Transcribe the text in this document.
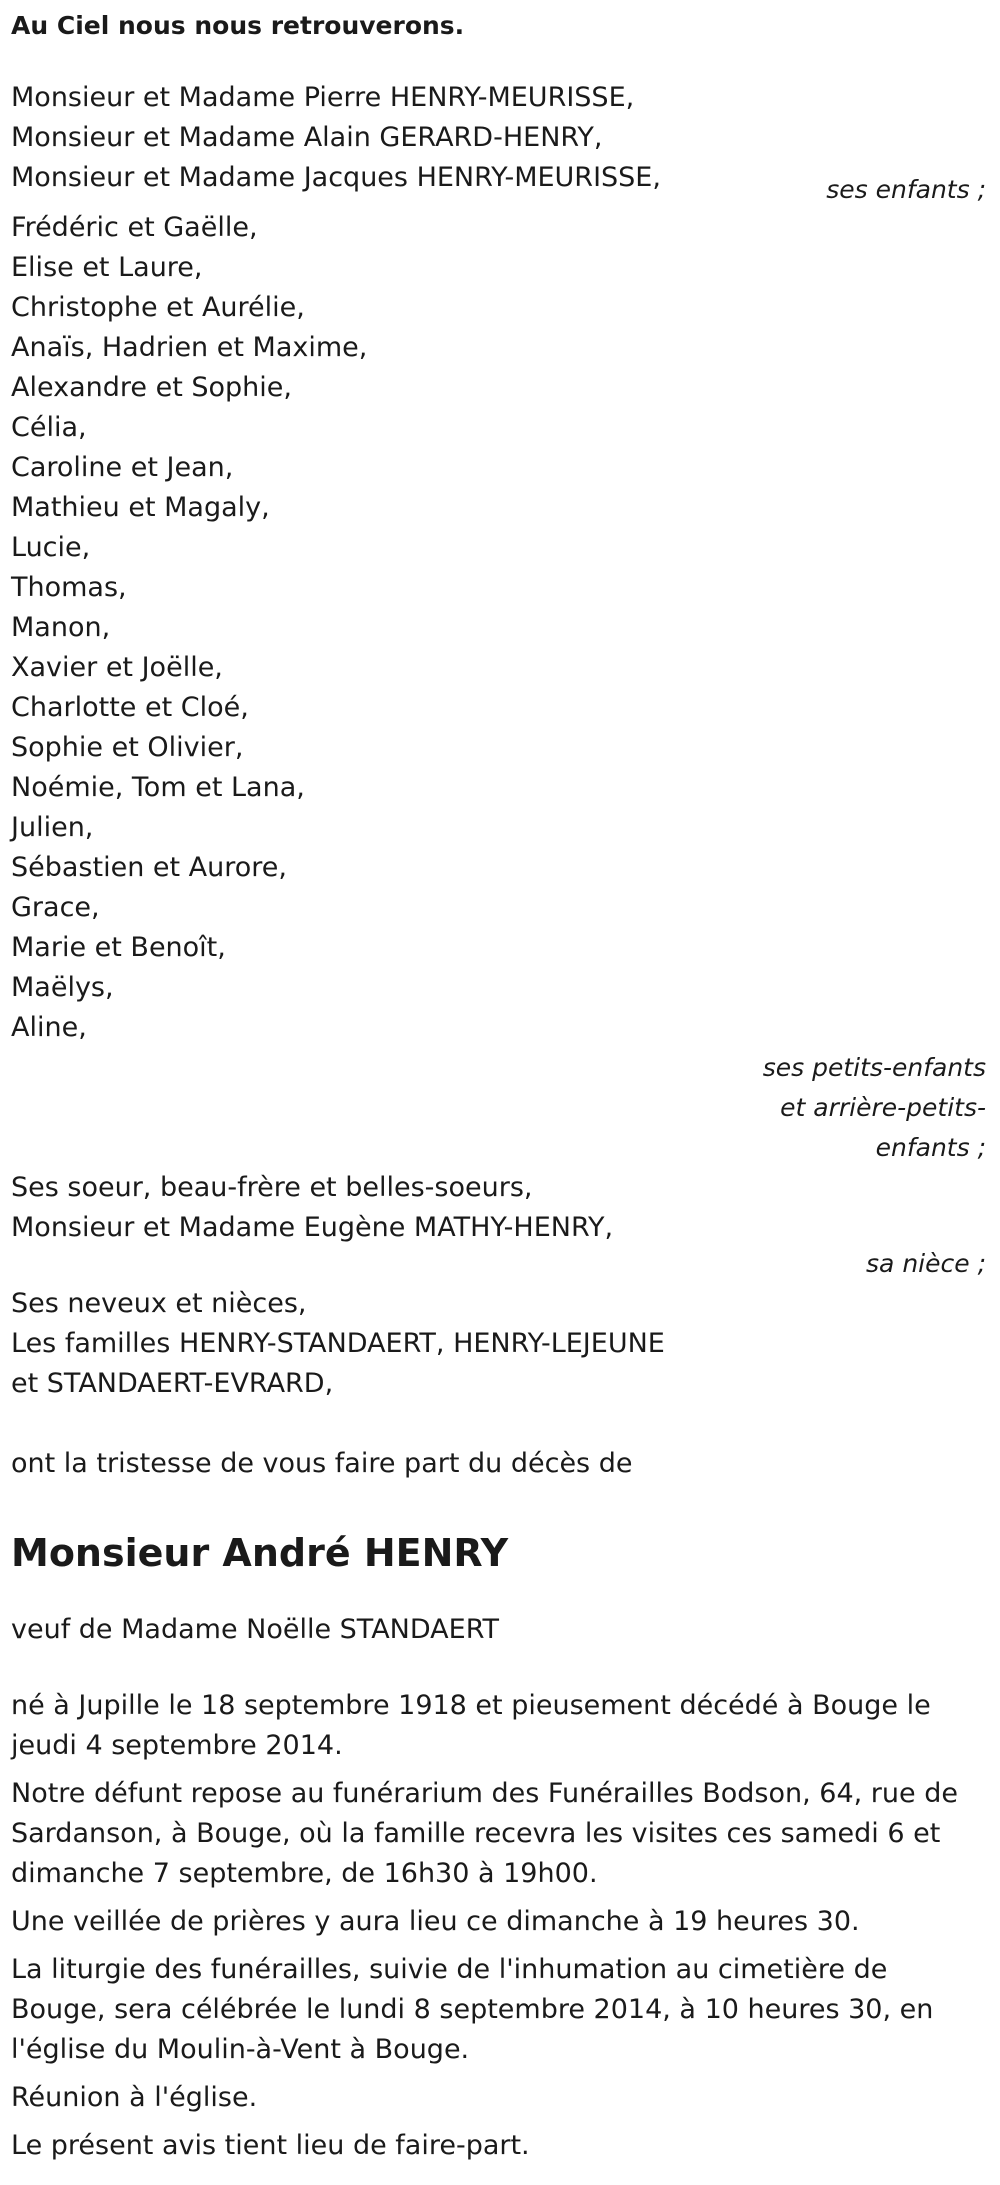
Au Ciel nous nous retrouverons.
Monsieur et Madame Pierre HENRY-MEURISSE,
Monsieur et Madame Alain GERARD-HENRY,
Monsieur et Madame Jacques HENRY-MEURISSE,	ses enfants ;
Frédéric et Gaëlle,
Elise et Laure,
Christophe et Aurélie,
Anaïs, Hadrien et Maxime,
Alexandre et Sophie,
Célia,
Caroline et Jean,
Mathieu et Magaly,
Lucie,
Thomas,
Manon,
Xavier et Joëlle,
Charlotte et Cloé,
Sophie et Olivier,
Noémie, Tom et Lana,
Julien,
Sébastien et Aurore,
Grace,
Marie et Benoît,
Maëlys,
Aline,
ses petits-enfants
et arrière-petits-
enfants ;
Ses soeur, beau-frère et belles-soeurs,
Monsieur et Madame Eugène MATHY-HENRY,
sa nièce ;
Ses neveux et nièces,
Les familles HENRY-STANDAERT, HENRY-LEJEUNE
et STANDAERT-EVRARD,
ont la tristesse de vous faire part du décès de
Monsieur André HENRY
veuf de Madame Noëlle STANDAERT
né à Jupille le 18 septembre 1918 et pieusement décédé à Bouge le jeudi 4 septembre 2014.
Notre défunt repose au funérarium des Funérailles Bodson, 64, rue de Sardanson, à Bouge, où la famille recevra les visites ces samedi 6 et dimanche 7 septembre, de 16h30 à 19h00.
Une veillée de prières y aura lieu ce dimanche à 19 heures 30.
La liturgie des funérailles, suivie de l'inhumation au cimetière de Bouge, sera célébrée le lundi 8 septembre 2014, à 10 heures 30, en l'église du Moulin-à-Vent à Bouge.
Réunion à l'église.
Le présent avis tient lieu de faire-part.
